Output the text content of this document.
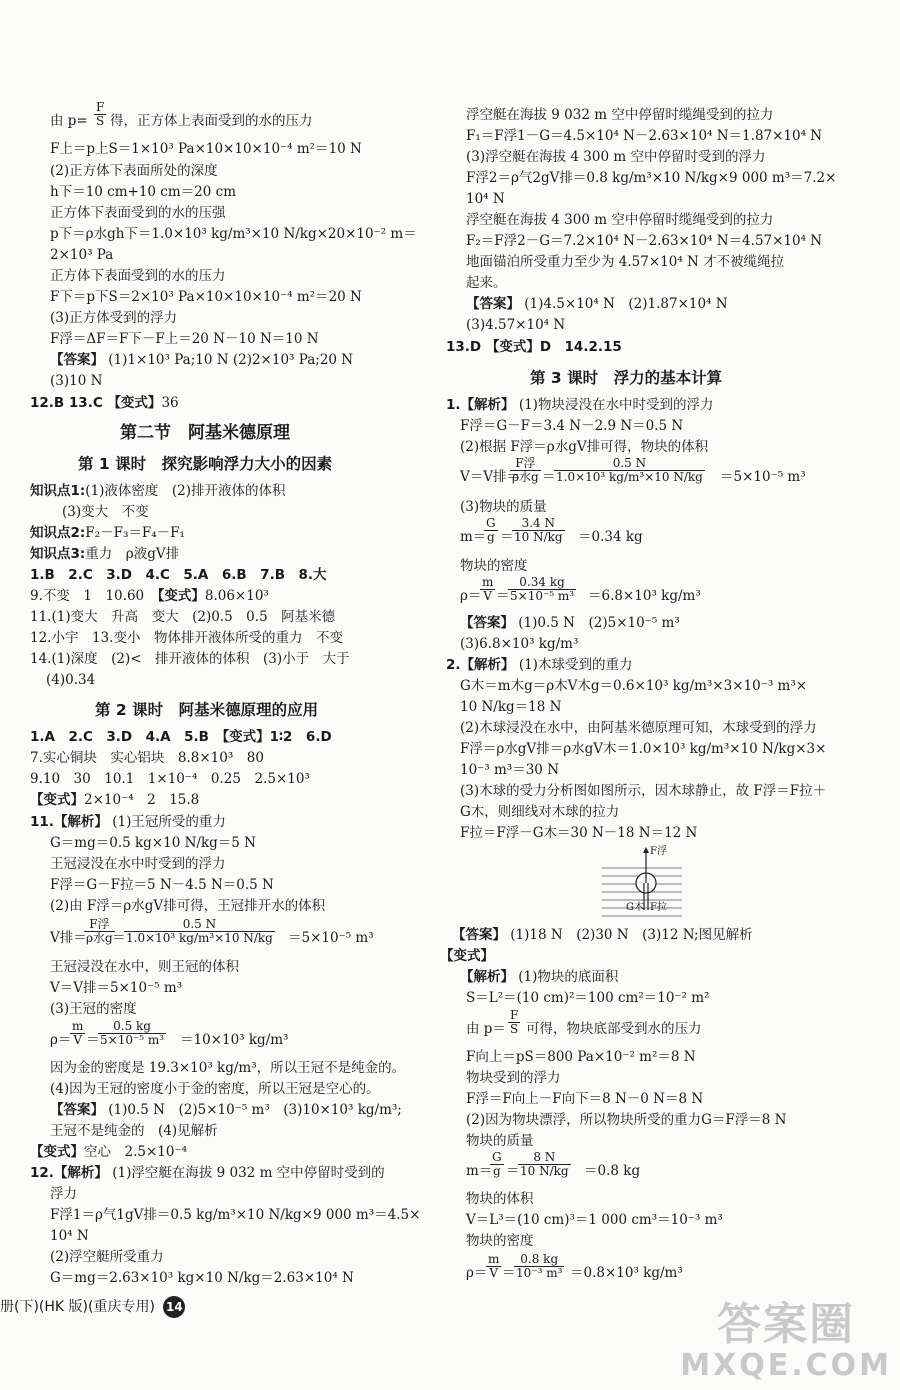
由 $p= \frac{F}{S}$ 得，正方体上表面受到的水的压力
F上＝p上S＝1×10³ Pa×10×10×10⁻⁴ m²＝10 N
(2)正方体下表面所处的深度
h下＝10 cm+10 cm＝20 cm
正方体下表面受到的水的压强
p下＝ρ水gh下＝1.0×10³ kg/m³×10 N/kg×20×10⁻² m＝
2×10³ Pa
正方体下表面受到的水的压力
F下＝p下S＝2×10³ Pa×10×10×10⁻⁴ m²＝20 N
(3)正方体受到的浮力
F浮＝ΔF＝F下－F上＝20 N－10 N＝10 N
【答案】 (1)1×10³ Pa;10 N (2)2×10³ Pa;20 N
(3)10 N
12.B 13.C 【变式】36
第二节　阿基米德原理
第 1 课时　探究影响浮力大小的因素
知识点1:(1)液体密度　(2)排开液体的体积
(3)变大　不变
知识点2:F₂－F₃＝F₄－F₁
知识点3:重力　ρ液gV排
1.B　2.C　3.D　4.C　5.A　6.B　7.B　8.大
9.不变　1　10.60　【变式】8.06×10³
11.(1)变大　升高　变大　(2)0.5　0.5　阿基米德
12.小宇　13.变小　物体排开液体所受的重力　不变
14.(1)深度　(2)<　排开液体的体积　(3)小于　大于
(4)0.34
第 2 课时　阿基米德原理的应用
1.A　2.C　3.D　4.A　5.B　【变式】1∶2　6.D
7.实心铜块　实心铝块　8.8×10³　80
9.10　30　10.1　1×10⁻⁴　0.25　2.5×10³
【变式】2×10⁻⁴　2　15.8
11.【解析】 (1)王冠所受的重力
G＝mg＝0.5 kg×10 N/kg＝5 N
王冠浸没在水中时受到的浮力
F浮＝G－F拉＝5 N－4.5 N＝0.5 N
(2)由 F浮＝ρ水gV排可得，王冠排开水的体积
V排＝
F浮
ρ水g ＝
$\frac{0.5 N}{\text{1.0×10³ kg/m³×10 N/kg}} =5\times 10^{-5}$ m³
王冠浸没在水中，则王冠的体积
V＝V排＝5×10⁻⁵ m³
(3)王冠的密度
ρ＝
$\frac{m}{V}$ ＝
$\frac{0.5 kg}{\text{5×10⁻⁵ m³}} =10\times 10^3$ kg/m³
因为金的密度是 19.3×10³ kg/m³，所以王冠不是纯金的。
(4)因为王冠的密度小于金的密度，所以王冠是空心的。
【答案】 (1)0.5 N　(2)5×10⁻⁵ m³　(3)10×10³ kg/m³;
王冠不是纯金的　(4)见解析
【变式】空心　2.5×10⁻⁴
12.【解析】 (1)浮空艇在海拔 9 032 m 空中停留时受到的
浮力
F浮1＝ρ气1gV排＝0.5 kg/m³×10 N/kg×9 000 m³＝4.5×
10⁴ N
(2)浮空艇所受重力
G＝mg＝2.63×10³ kg×10 N/kg＝2.63×10⁴ N
浮空艇在海拔 9 032 m 空中停留时缆绳受到的拉力
F₁＝F浮1－G＝4.5×10⁴ N－2.63×10⁴ N＝1.87×10⁴ N
(3)浮空艇在海拔 4 300 m 空中停留时受到的浮力
F浮2＝ρ气2gV排＝0.8 kg/m³×10 N/kg×9 000 m³＝7.2×
10⁴ N
浮空艇在海拔 4 300 m 空中停留时缆绳受到的拉力
F₂＝F浮2－G＝7.2×10⁴ N－2.63×10⁴ N＝4.57×10⁴ N
地面锚泊所受重力至少为 4.57×10⁴ N 才不被缆绳拉
起来。
【答案】 (1)4.5×10⁴ N　(2)1.87×10⁴ N
(3)4.57×10⁴ N
13.D 【变式】D　14.2.15
第 3 课时　浮力的基本计算
1.【解析】 (1)物块浸没在水中时受到的浮力
F浮＝G－F＝3.4 N－2.9 N＝0.5 N
(2)根据 F浮＝ρ水gV排可得，物块的体积
V＝V排＝
F浮
ρ水g ＝
$\frac{0.5 N}{\text{1.0×10³ kg/m³×10 N/kg}} =5\times 10^{-5}$ m³
(3)物块的质量
m＝
$\frac{G}{g}$ ＝
$\frac{3.4 N}{10 N/kg} =0.34$ kg
物块的密度
ρ＝
$\frac{m}{V}$ ＝
$\frac{0.34 kg}{\text{5×10⁻⁵ m³}} =6.8\times 10^3$ kg/m³
【答案】 (1)0.5 N　(2)5×10⁻⁵ m³
(3)6.8×10³ kg/m³
2.【解析】 (1)木球受到的重力
G木＝m木g＝ρ木V木g＝0.6×10³ kg/m³×3×10⁻³ m³×
10 N/kg＝18 N
(2)木球浸没在水中，由阿基米德原理可知，木球受到的浮力
F浮＝ρ水gV排＝ρ水gV木＝1.0×10³ kg/m³×10 N/kg×3×
10⁻³ m³＝30 N
(3)木球的受力分析图如图所示，因木球静止，故 F浮＝F拉＋
G木，则细线对木球的拉力
F拉＝F浮－G木＝30 N－18 N＝12 N
F浮
G木 F拉
【答案】 (1)18 N　(2)30 N　(3)12 N;图见解析
【变式】
【解析】 (1)物块的底面积
S＝L²＝(10 cm)²＝100 cm²＝10⁻² m²
由 $p= \frac{F}{S}$ 可得，物块底部受到水的压力
F向上＝pS＝800 Pa×10⁻² m²＝8 N
物块受到的浮力
F浮＝F向上－F向下＝8 N－0 N＝8 N
(2)因为物块漂浮，所以物块所受的重力G＝F浮＝8 N
物块的质量
m＝
$\frac{G}{g}$ ＝
$\frac{8 N}{10 N/kg} =0.8$ kg
物块的体积
V＝L³＝(10 cm)³＝1 000 cm³＝10⁻³ m³
物块的密度
ρ＝
$\frac{m}{V}$ ＝
$\frac{0.8 kg}{\text{10⁻³ m³}} =0.8\times 10^3$ kg/m³
册(下)(HK 版)(重庆专用) 14	答案圈
MXQE.COM
